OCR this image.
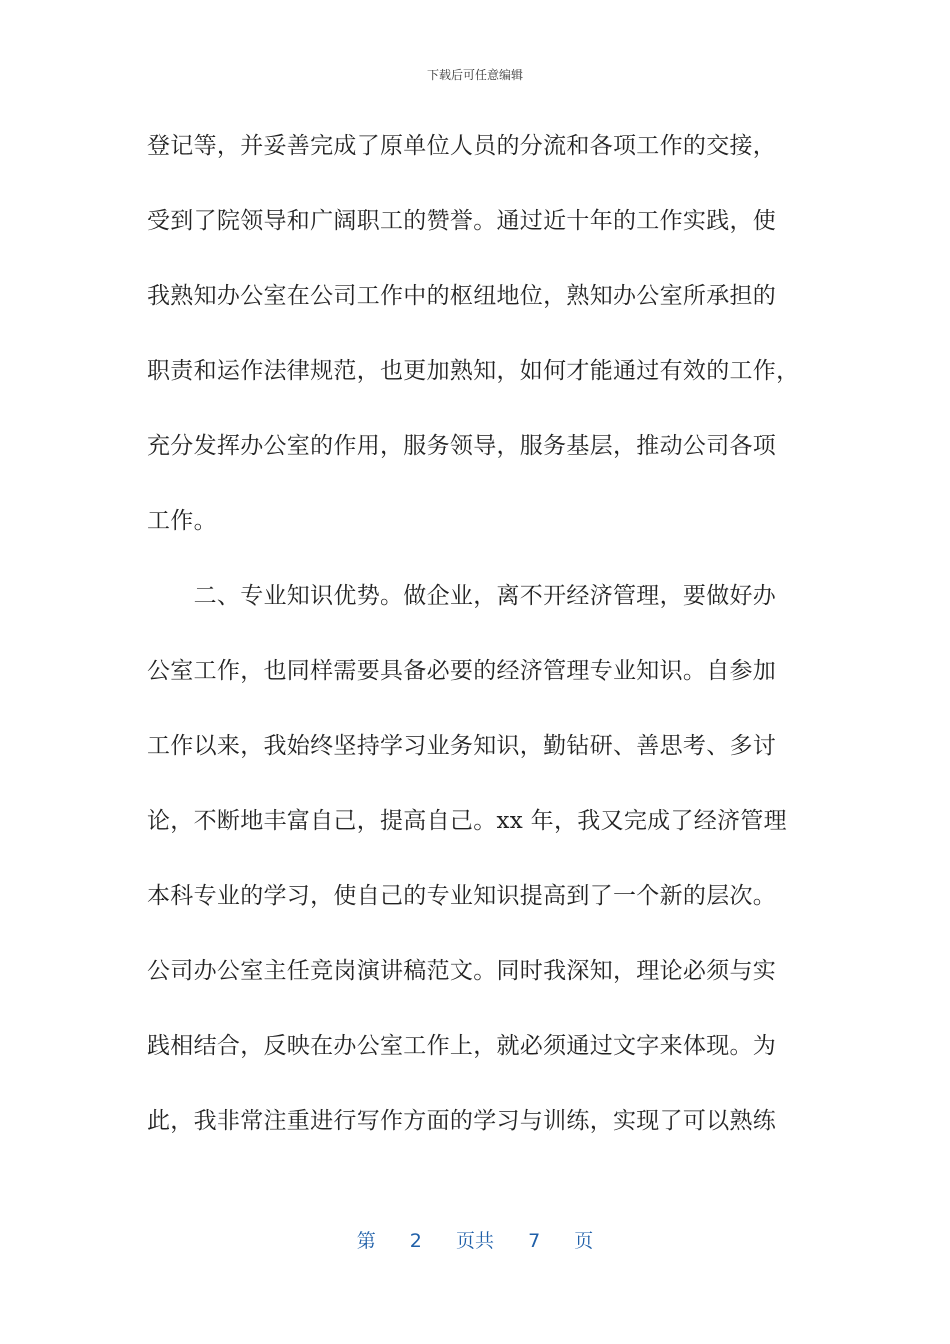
下载后可任意编辑
登记等，并妥善完成了原单位人员的分流和各项工作的交接，
受到了院领导和广阔职工的赞誉。通过近十年的工作实践，使
我熟知办公室在公司工作中的枢纽地位，熟知办公室所承担的
职责和运作法律规范，也更加熟知，如何才能通过有效的工作，
充分发挥办公室的作用，服务领导，服务基层，推动公司各项
工作。
　　二、专业知识优势。做企业，离不开经济管理，要做好办
公室工作，也同样需要具备必要的经济管理专业知识。自参加
工作以来，我始终坚持学习业务知识，勤钻研、善思考、多讨
论，不断地丰富自己，提高自己。xx 年，我又完成了经济管理
本科专业的学习，使自己的专业知识提高到了一个新的层次。
公司办公室主任竞岗演讲稿范文。同时我深知，理论必须与实
践相结合，反映在办公室工作上，就必须通过文字来体现。为
此，我非常注重进行写作方面的学习与训练，实现了可以熟练
第 2 页共 7 页
